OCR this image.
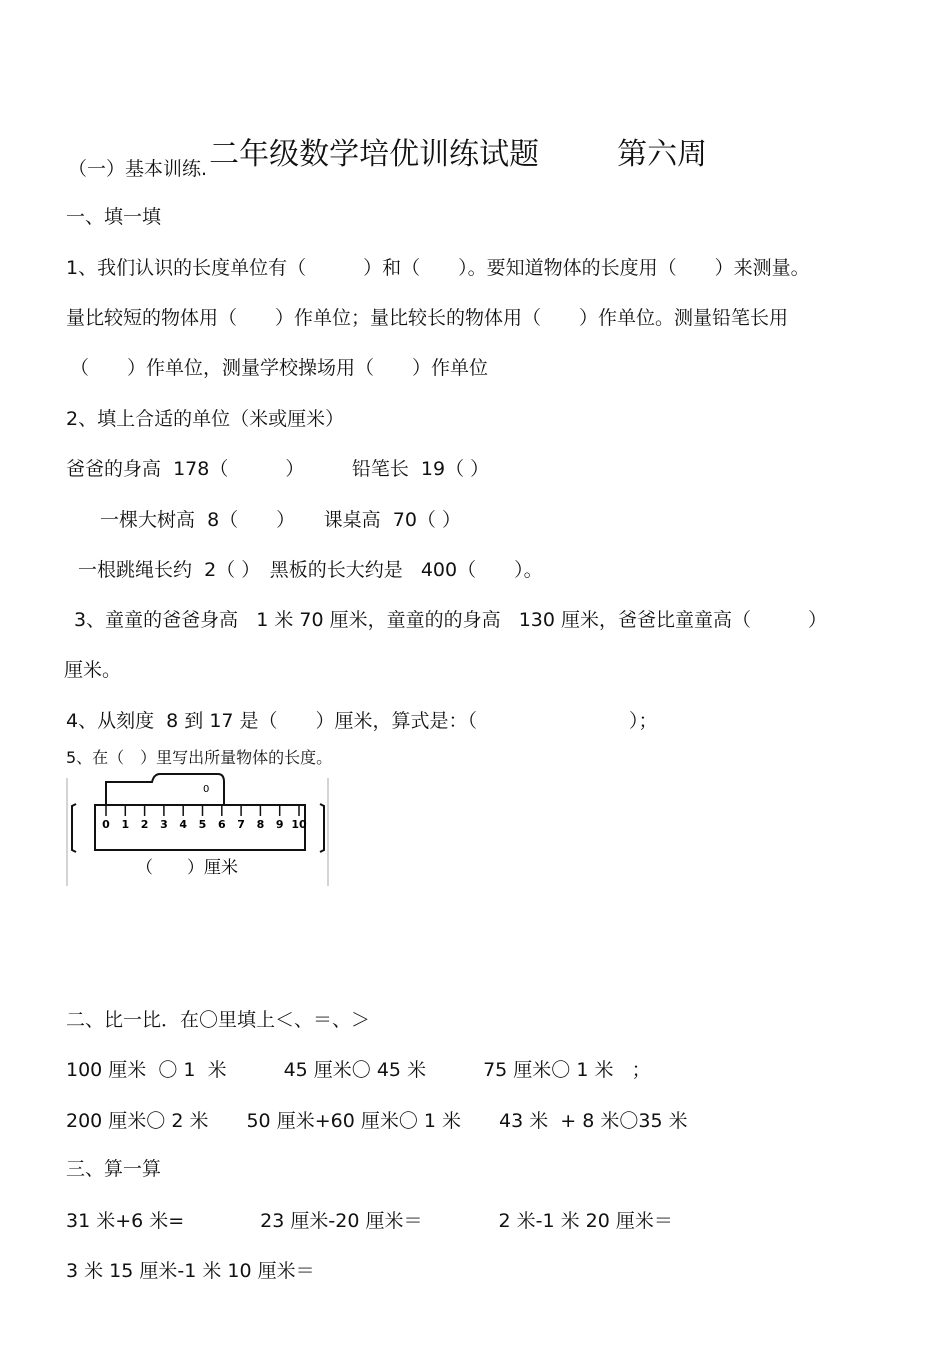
二年级数学培优训练试题	第六周

（一）基本训练.
一、填一填
1、我们认识的长度单位有（　　　）和（　　）。要知道物体的长度用（　　）来测量。
量比较短的物体用（　　）作单位；量比较长的物体用（　　）作单位。测量铅笔长用
（　　）作单位，测量学校操场用（　　）作单位
2、填上合适的单位（米或厘米）
爸爸的身高  178（　　　）　　　铅笔长  19（ ）
一棵大树高  8（　　）　　课桌高  70（ ）
一根跳绳长约  2（ ）　黑板的长大约是   400（　　）。
3、童童的爸爸身高   1 米 70 厘米，童童的的身高   130 厘米，爸爸比童童高（　　　）
厘米。
4、从刻度  8 到 17 是（　　）厘米，算式是：（　　　　　　　　）；
5、在（　）里写出所量物体的长度。
0
0 1 2 3 4 5 6 7 8 9 10
（　　）厘米
二、比一比．在〇里填上＜、＝、＞
100 厘米  〇 1  米　　　45 厘米〇 45 米　　　75 厘米〇 1 米   ；
200 厘米〇 2 米　　50 厘米+60 厘米〇 1 米　　43 米  + 8 米〇35 米
三、算一算
31 米+6 米=　　　　23 厘米-20 厘米＝　　　　2 米-1 米 20 厘米＝
3 米 15 厘米-1 米 10 厘米＝
